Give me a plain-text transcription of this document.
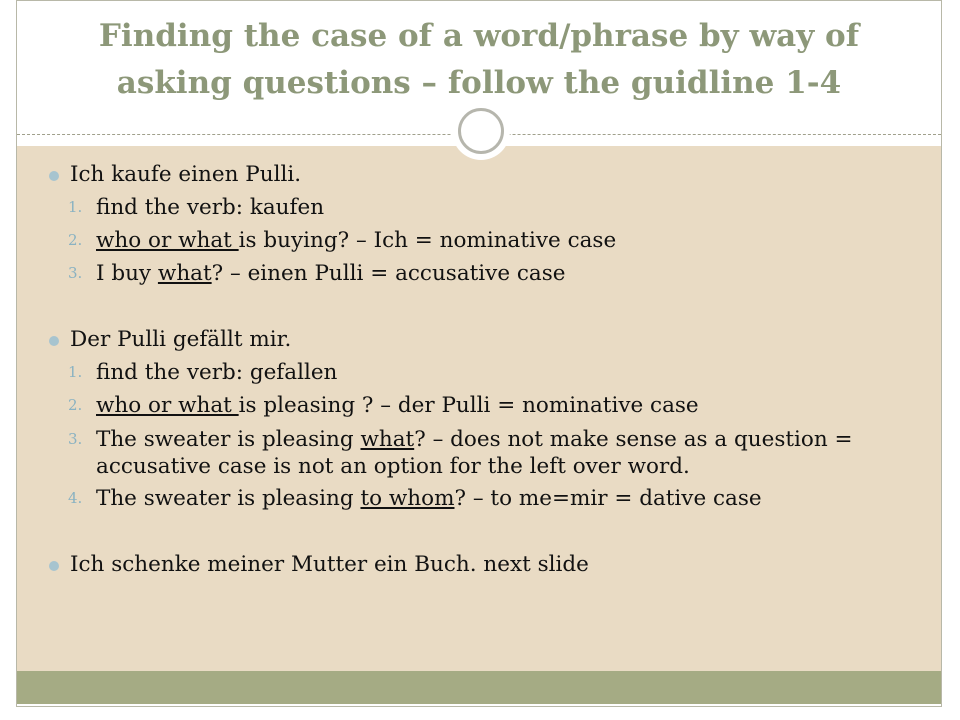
Finding the case of a word/phrase by way of
asking questions – follow the guidline 1-4
Ich kaufe einen Pulli.
1. find the verb: kaufen
2. who or what is buying? – Ich = nominative case
3. I buy what? – einen Pulli = accusative case
Der Pulli gefällt mir.
1. find the verb: gefallen
2. who or what is pleasing ? – der Pulli = nominative case
3. The sweater is pleasing what? – does not make sense as a question = accusative case is not an option for the left over word.
4. The sweater is pleasing to whom? – to me=mir = dative case
Ich schenke meiner Mutter ein Buch. next slide
